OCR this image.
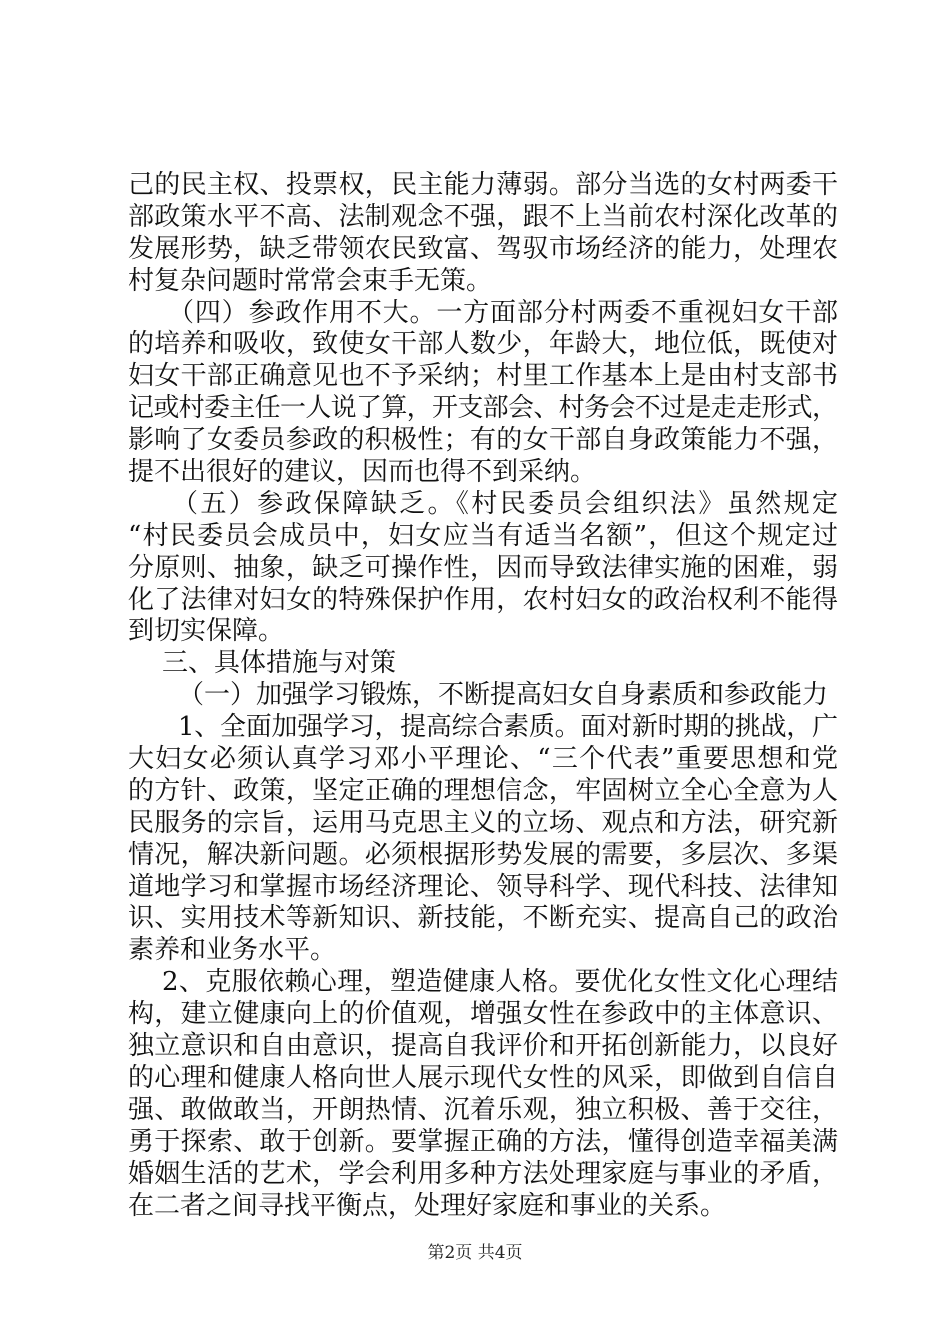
己的民主权、投票权，民主能力薄弱。部分当选的女村两委干
部政策水平不高、法制观念不强，跟不上当前农村深化改革的
发展形势，缺乏带领农民致富、驾驭市场经济的能力，处理农
村复杂问题时常常会束手无策。
（四）参政作用不大。一方面部分村两委不重视妇女干部
的培养和吸收，致使女干部人数少，年龄大，地位低，既使对
妇女干部正确意见也不予采纳；村里工作基本上是由村支部书
记或村委主任一人说了算，开支部会、村务会不过是走走形式，
影响了女委员参政的积极性；有的女干部自身政策能力不强，
提不出很好的建议，因而也得不到采纳。
（五）参政保障缺乏。《村民委员会组织法》虽然规定
“村民委员会成员中，妇女应当有适当名额”，但这个规定过
分原则、抽象，缺乏可操作性，因而导致法律实施的困难，弱
化了法律对妇女的特殊保护作用，农村妇女的政治权利不能得
到切实保障。
三、具体措施与对策
（一）加强学习锻炼，不断提高妇女自身素质和参政能力
1、全面加强学习，提高综合素质。面对新时期的挑战，广
大妇女必须认真学习邓小平理论、“三个代表”重要思想和党
的方针、政策，坚定正确的理想信念，牢固树立全心全意为人
民服务的宗旨，运用马克思主义的立场、观点和方法，研究新
情况，解决新问题。必须根据形势发展的需要，多层次、多渠
道地学习和掌握市场经济理论、领导科学、现代科技、法律知
识、实用技术等新知识、新技能，不断充实、提高自己的政治
素养和业务水平。
2、克服依赖心理，塑造健康人格。要优化女性文化心理结
构，建立健康向上的价值观，增强女性在参政中的主体意识、
独立意识和自由意识，提高自我评价和开拓创新能力，以良好
的心理和健康人格向世人展示现代女性的风采，即做到自信自
强、敢做敢当，开朗热情、沉着乐观，独立积极、善于交往，
勇于探索、敢于创新。要掌握正确的方法，懂得创造幸福美满
婚姻生活的艺术，学会利用多种方法处理家庭与事业的矛盾，
在二者之间寻找平衡点，处理好家庭和事业的关系。
第2页 共4页
